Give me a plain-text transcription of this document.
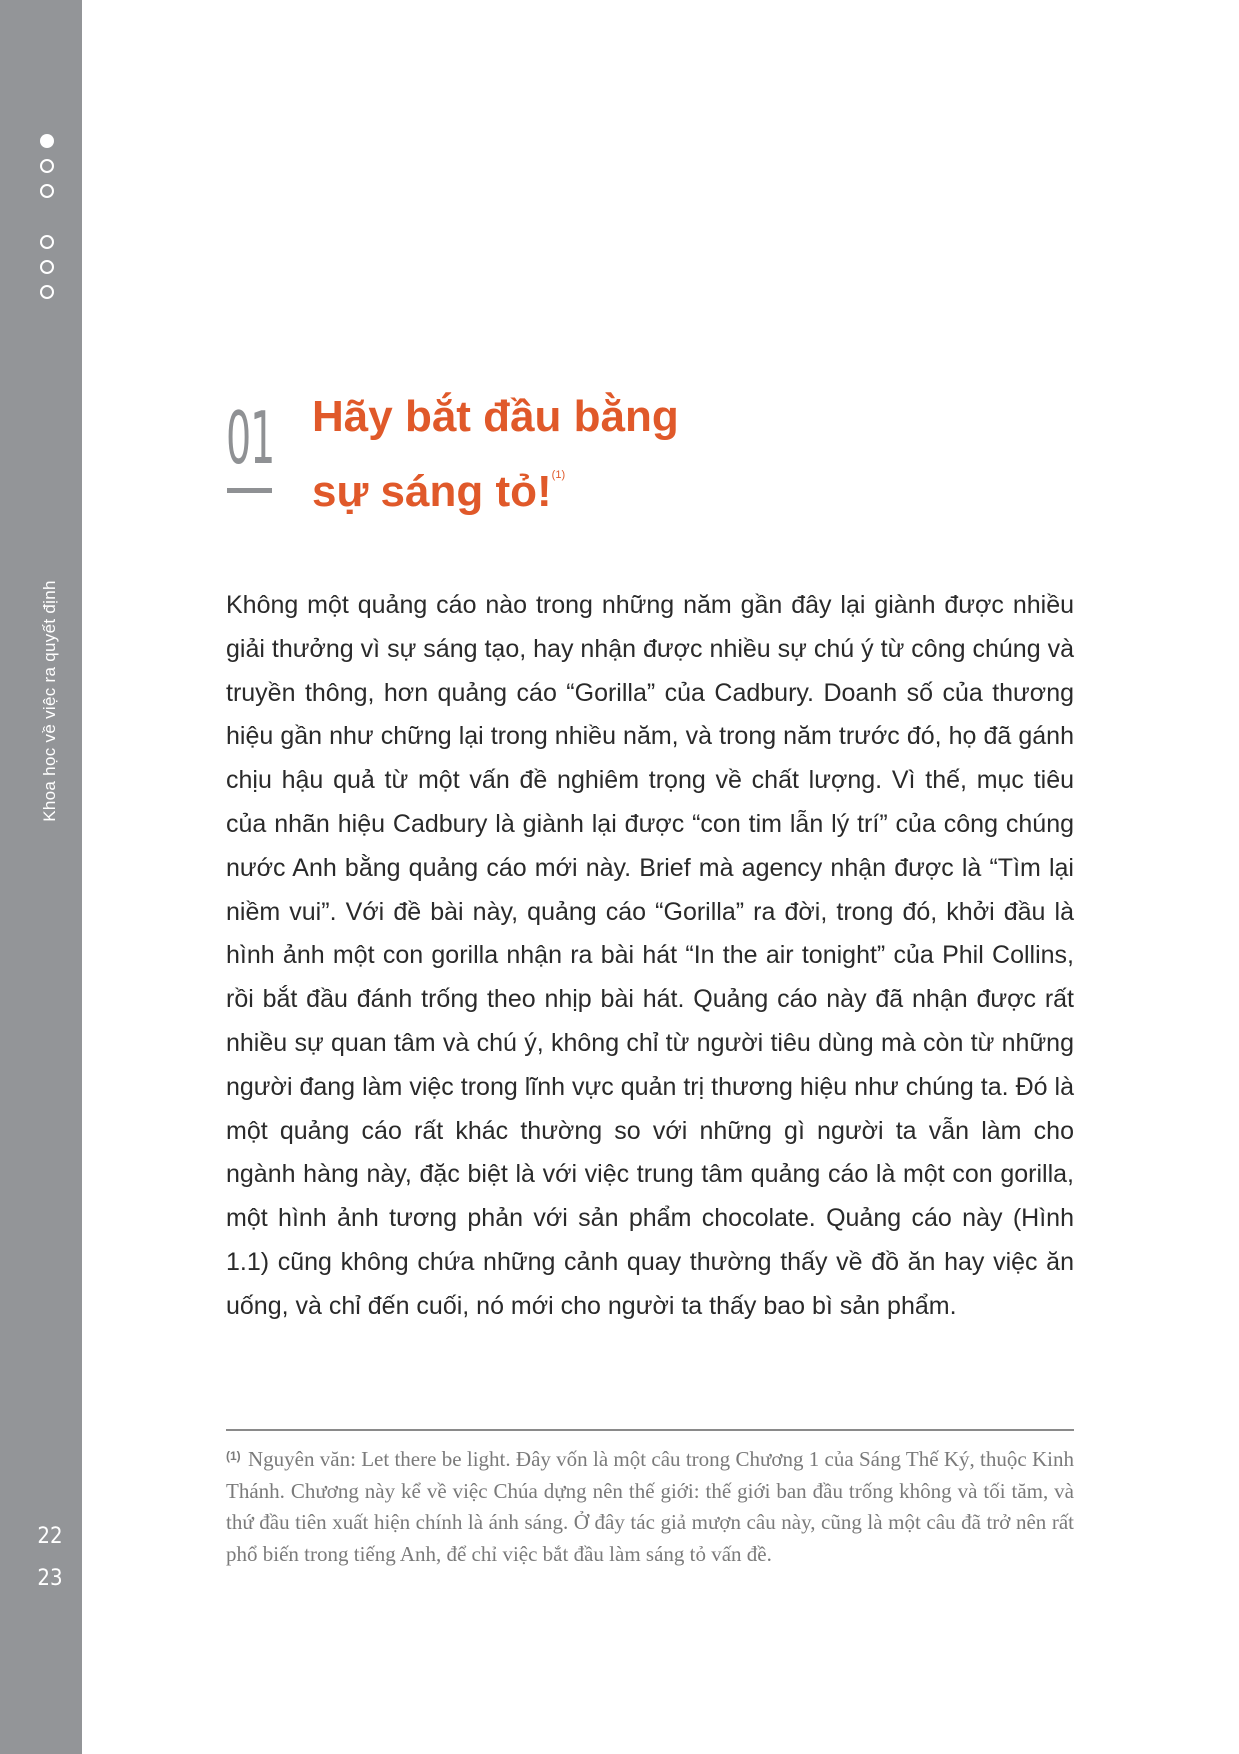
Khoa học về việc ra quyết định
22
23
01 Hãy bắt đầu bằng
sự sáng tỏ!$^{(1)}$

Không một quảng cáo nào trong những năm gần đây lại giành được nhiều giải thưởng vì sự sáng tạo, hay nhận được nhiều sự chú ý từ công chúng và truyền thông, hơn quảng cáo “Gorilla” của Cadbury. Doanh số của thương hiệu gần như chững lại trong nhiều năm, và trong năm trước đó, họ đã gánh chịu hậu quả từ một vấn đề nghiêm trọng về chất lượng. Vì thế, mục tiêu của nhãn hiệu Cadbury là giành lại được “con tim lẫn lý trí” của công chúng nước Anh bằng quảng cáo mới này. Brief mà agency nhận được là “Tìm lại niềm vui”. Với đề bài này, quảng cáo “Gorilla” ra đời, trong đó, khởi đầu là hình ảnh một con gorilla nhận ra bài hát “In the air tonight” của Phil Collins, rồi bắt đầu đánh trống theo nhịp bài hát. Quảng cáo này đã nhận được rất nhiều sự quan tâm và chú ý, không chỉ từ người tiêu dùng mà còn từ những người đang làm việc trong lĩnh vực quản trị thương hiệu như chúng ta. Đó là một quảng cáo rất khác thường so với những gì người ta vẫn làm cho ngành hàng này, đặc biệt là với việc trung tâm quảng cáo là một con gorilla, một hình ảnh tương phản với sản phẩm chocolate. Quảng cáo này (Hình 1.1) cũng không chứa những cảnh quay thường thấy về đồ ăn hay việc ăn uống, và chỉ đến cuối, nó mới cho người ta thấy bao bì sản phẩm.

$^{(1)}$ Nguyên văn: Let there be light. Đây vốn là một câu trong Chương 1 của Sáng Thế Ký, thuộc Kinh Thánh. Chương này kể về việc Chúa dựng nên thế giới: thế giới ban đầu trống không và tối tăm, và thứ đầu tiên xuất hiện chính là ánh sáng. Ở đây tác giả mượn câu này, cũng là một câu đã trở nên rất phổ biến trong tiếng Anh, để chỉ việc bắt đầu làm sáng tỏ vấn đề.
